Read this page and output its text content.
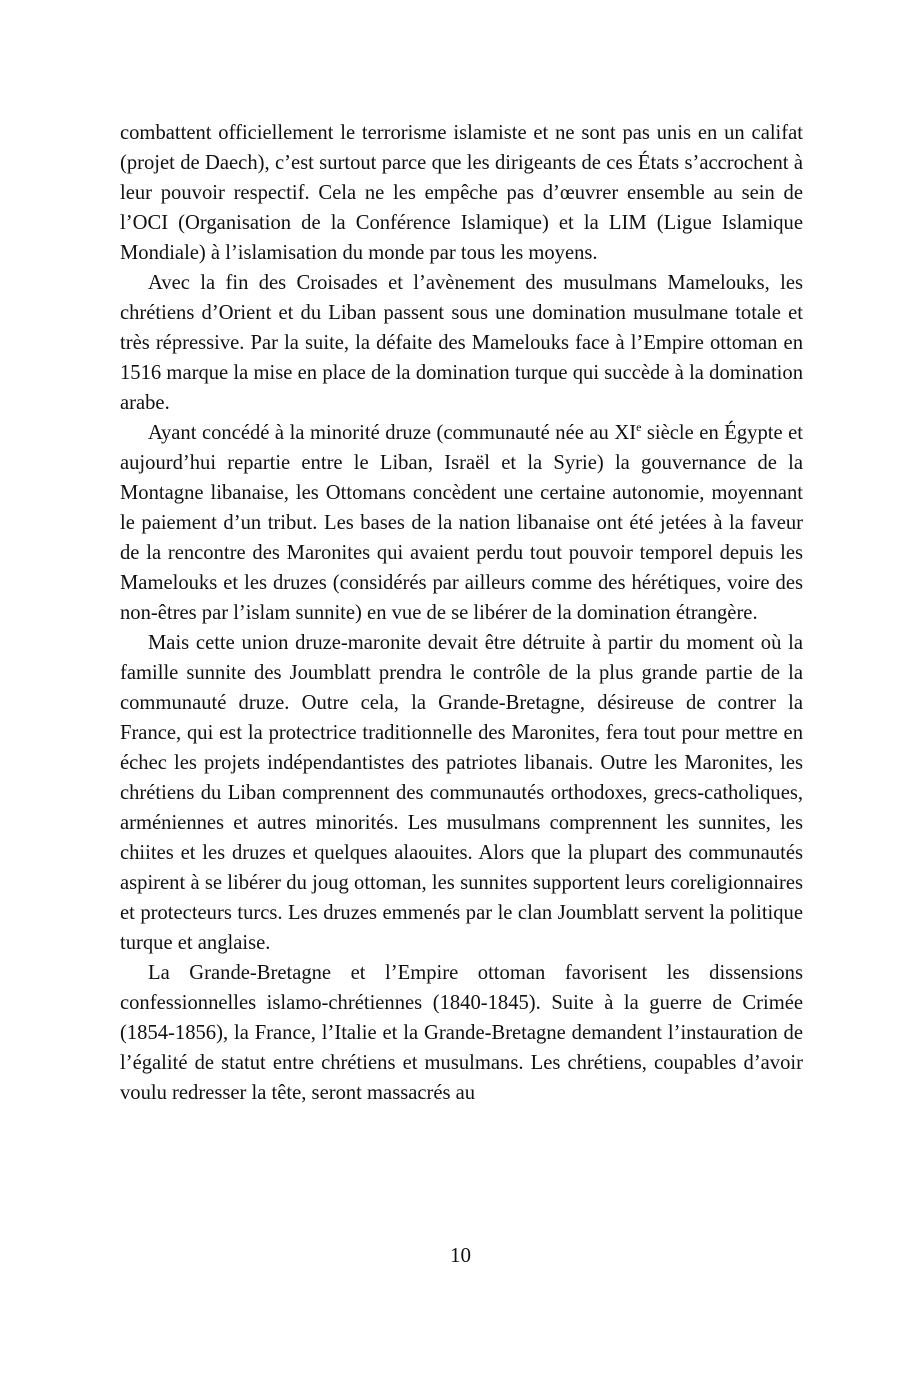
combattent officiellement le terrorisme islamiste et ne sont pas unis en un califat (projet de Daech), c’est surtout parce que les dirigeants de ces États s’accrochent à leur pouvoir respectif. Cela ne les empêche pas d’œuvrer ensemble au sein de l’OCI (Organisation de la Conférence Islamique) et la LIM (Ligue Islamique Mondiale) à l’islamisation du monde par tous les moyens.

Avec la fin des Croisades et l’avènement des musulmans Mamelouks, les chrétiens d’Orient et du Liban passent sous une domination musulmane totale et très répressive. Par la suite, la défaite des Mamelouks face à l’Empire ottoman en 1516 marque la mise en place de la domination turque qui succède à la domination arabe.

Ayant concédé à la minorité druze (communauté née au XIe siècle en Égypte et aujourd’hui repartie entre le Liban, Israël et la Syrie) la gouvernance de la Montagne libanaise, les Ottomans concèdent une certaine autonomie, moyennant le paiement d’un tribut. Les bases de la nation libanaise ont été jetées à la faveur de la rencontre des Maronites qui avaient perdu tout pouvoir temporel depuis les Mamelouks et les druzes (considérés par ailleurs comme des hérétiques, voire des non-êtres par l’islam sunnite) en vue de se libérer de la domination étrangère.

Mais cette union druze-maronite devait être détruite à partir du moment où la famille sunnite des Joumblatt prendra le contrôle de la plus grande partie de la communauté druze. Outre cela, la Grande-Bretagne, désireuse de contrer la France, qui est la protectrice traditionnelle des Maronites, fera tout pour mettre en échec les projets indépendantistes des patriotes libanais. Outre les Maronites, les chrétiens du Liban comprennent des communautés orthodoxes, grecs-catholiques, arméniennes et autres minorités. Les musulmans comprennent les sunnites, les chiites et les druzes et quelques alaouites. Alors que la plupart des communautés aspirent à se libérer du joug ottoman, les sunnites supportent leurs coreligionnaires et protecteurs turcs. Les druzes emmenés par le clan Joumblatt servent la politique turque et anglaise.

La Grande-Bretagne et l’Empire ottoman favorisent les dissensions confessionnelles islamo-chrétiennes (1840-1845). Suite à la guerre de Crimée (1854-1856), la France, l’Italie et la Grande-Bretagne demandent l’instauration de l’égalité de statut entre chrétiens et musulmans. Les chrétiens, coupables d’avoir voulu redresser la tête, seront massacrés au

10
